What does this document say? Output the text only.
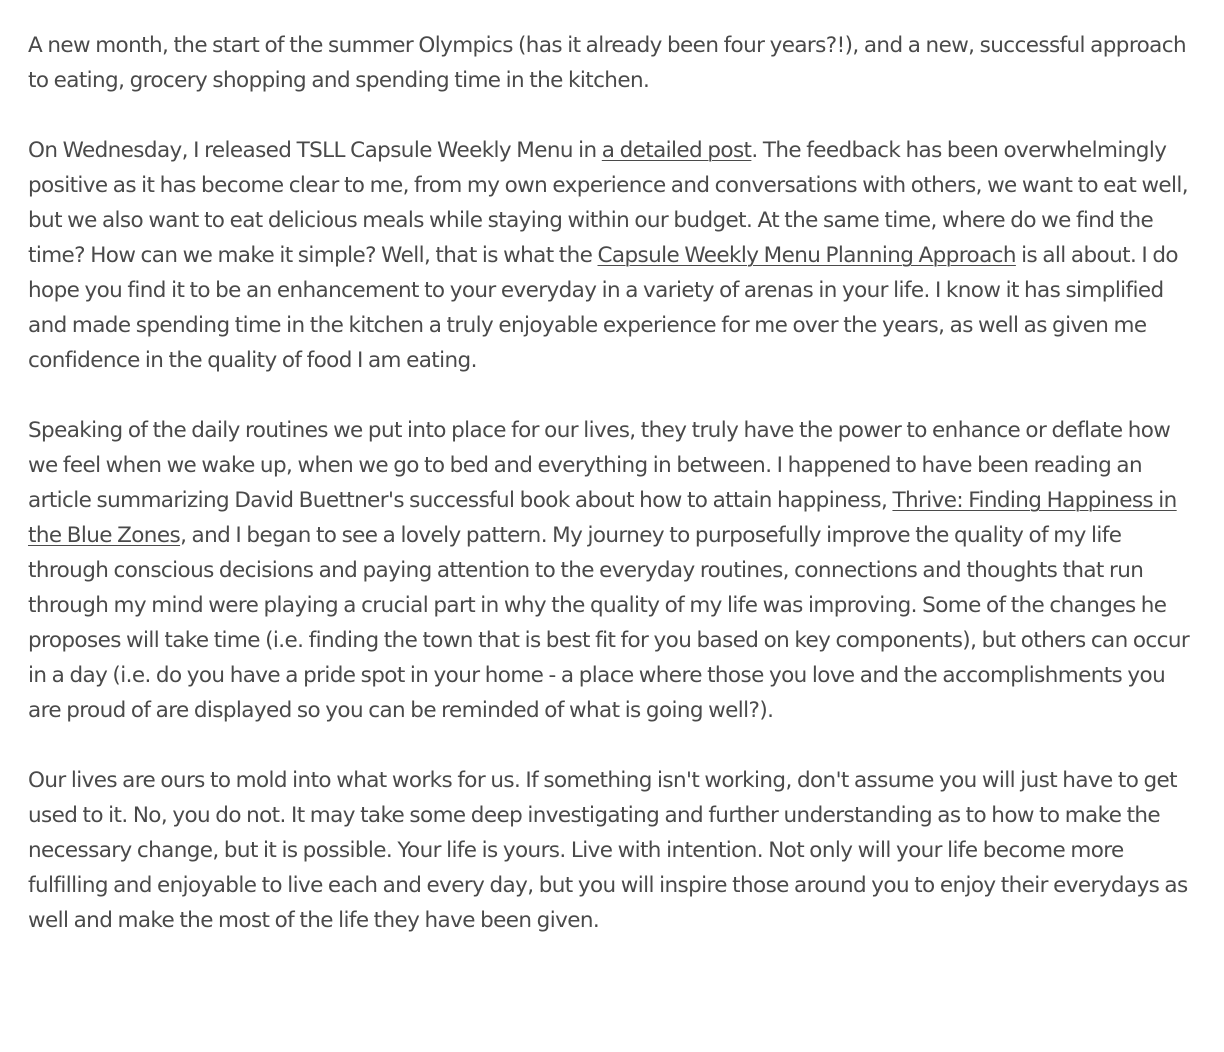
A new month, the start of the summer Olympics (has it already been four years?!), and a new, successful approach to eating, grocery shopping and spending time in the kitchen.

On Wednesday, I released TSLL Capsule Weekly Menu in a detailed post. The feedback has been overwhelmingly positive as it has become clear to me, from my own experience and conversations with others, we want to eat well, but we also want to eat delicious meals while staying within our budget. At the same time, where do we find the time? How can we make it simple? Well, that is what the Capsule Weekly Menu Planning Approach is all about. I do hope you find it to be an enhancement to your everyday in a variety of arenas in your life. I know it has simplified and made spending time in the kitchen a truly enjoyable experience for me over the years, as well as given me confidence in the quality of food I am eating.

Speaking of the daily routines we put into place for our lives, they truly have the power to enhance or deflate how we feel when we wake up, when we go to bed and everything in between. I happened to have been reading an article summarizing David Buettner's successful book about how to attain happiness, Thrive: Finding Happiness in the Blue Zones, and I began to see a lovely pattern. My journey to purposefully improve the quality of my life through conscious decisions and paying attention to the everyday routines, connections and thoughts that run through my mind were playing a crucial part in why the quality of my life was improving. Some of the changes he proposes will take time (i.e. finding the town that is best fit for you based on key components), but others can occur in a day (i.e. do you have a pride spot in your home - a place where those you love and the accomplishments you are proud of are displayed so you can be reminded of what is going well?).

Our lives are ours to mold into what works for us. If something isn't working, don't assume you will just have to get used to it. No, you do not. It may take some deep investigating and further understanding as to how to make the necessary change, but it is possible. Your life is yours. Live with intention. Not only will your life become more fulfilling and enjoyable to live each and every day, but you will inspire those around you to enjoy their everydays as well and make the most of the life they have been given.
